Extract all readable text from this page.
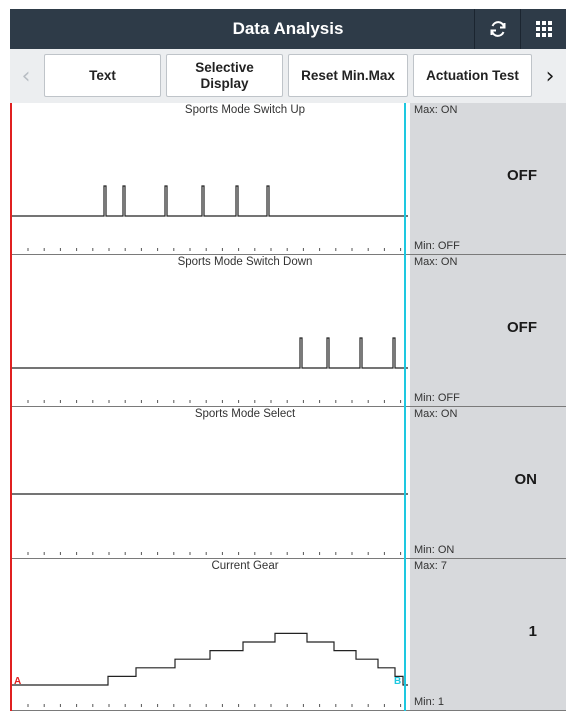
Data Analysis
‹	Text
Selective
Display
Reset Min.Max	Actuation Test	›
Sports Mode Switch Up	Max: ON
OFF
Min: OFF
Sports Mode Switch Down	Max: ON
OFF
Min: OFF
Sports Mode Select	Max: ON
ON
Min: ON
Current Gear	Max: 7
1
Min: 1
A	B
